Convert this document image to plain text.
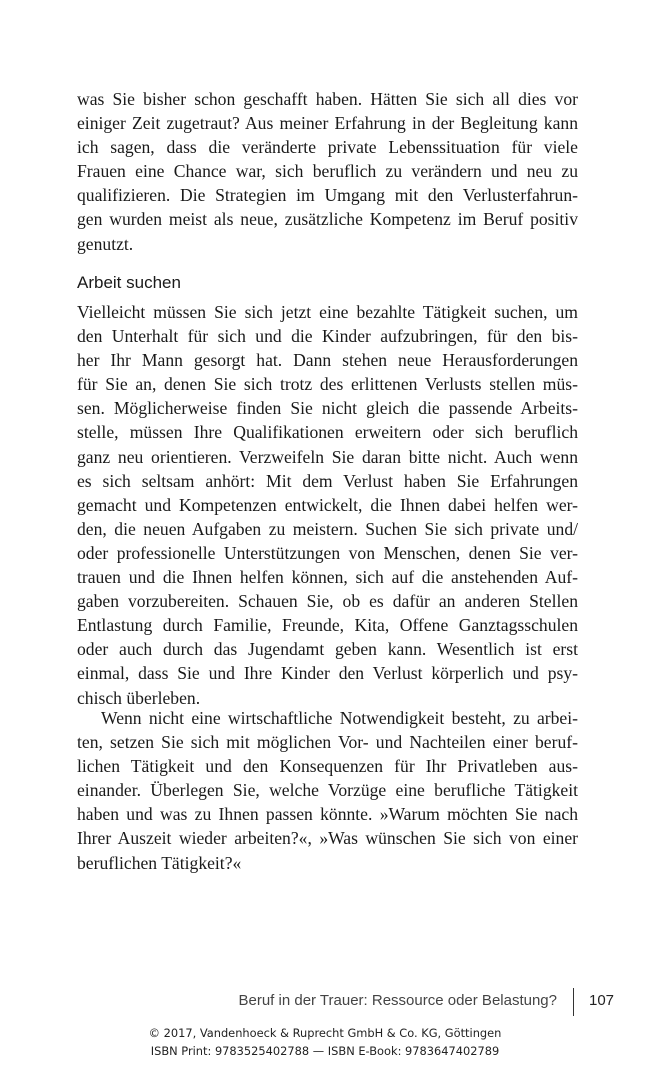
was Sie bisher schon geschafft haben. Hätten Sie sich all dies vor
einiger Zeit zugetraut? Aus meiner Erfahrung in der Begleitung kann
ich sagen, dass die veränderte private Lebenssituation für viele
Frauen eine Chance war, sich beruflich zu verändern und neu zu
qualifizieren. Die Strategien im Umgang mit den Verlusterfahrun-
gen wurden meist als neue, zusätzliche Kompetenz im Beruf positiv
genutzt.
Arbeit suchen
Vielleicht müssen Sie sich jetzt eine bezahlte Tätigkeit suchen, um
den Unterhalt für sich und die Kinder aufzubringen, für den bis-
her Ihr Mann gesorgt hat. Dann stehen neue Herausforderungen
für Sie an, denen Sie sich trotz des erlittenen Verlusts stellen müs-
sen. Möglicherweise finden Sie nicht gleich die passende Arbeits-
stelle, müssen Ihre Qualifikationen erweitern oder sich beruflich
ganz neu orientieren. Verzweifeln Sie daran bitte nicht. Auch wenn
es sich seltsam anhört: Mit dem Verlust haben Sie Erfahrungen
gemacht und Kompetenzen entwickelt, die Ihnen dabei helfen wer-
den, die neuen Aufgaben zu meistern. Suchen Sie sich private und/
oder professionelle Unterstützungen von Menschen, denen Sie ver-
trauen und die Ihnen helfen können, sich auf die anstehenden Auf-
gaben vorzubereiten. Schauen Sie, ob es dafür an anderen Stellen
Entlastung durch Familie, Freunde, Kita, Offene Ganztagsschulen
oder auch durch das Jugendamt geben kann. Wesentlich ist erst
einmal, dass Sie und Ihre Kinder den Verlust körperlich und psy-
chisch überleben.
Wenn nicht eine wirtschaftliche Notwendigkeit besteht, zu arbei-
ten, setzen Sie sich mit möglichen Vor- und Nachteilen einer beruf-
lichen Tätigkeit und den Konsequenzen für Ihr Privatleben aus-
einander. Überlegen Sie, welche Vorzüge eine berufliche Tätigkeit
haben und was zu Ihnen passen könnte. »Warum möchten Sie nach
Ihrer Auszeit wieder arbeiten?«, »Was wünschen Sie sich von einer
beruflichen Tätigkeit?«
Beruf in der Trauer: Ressource oder Belastung? 107
© 2017, Vandenhoeck & Ruprecht GmbH & Co. KG, Göttingen
ISBN Print: 9783525402788 — ISBN E-Book: 9783647402789
